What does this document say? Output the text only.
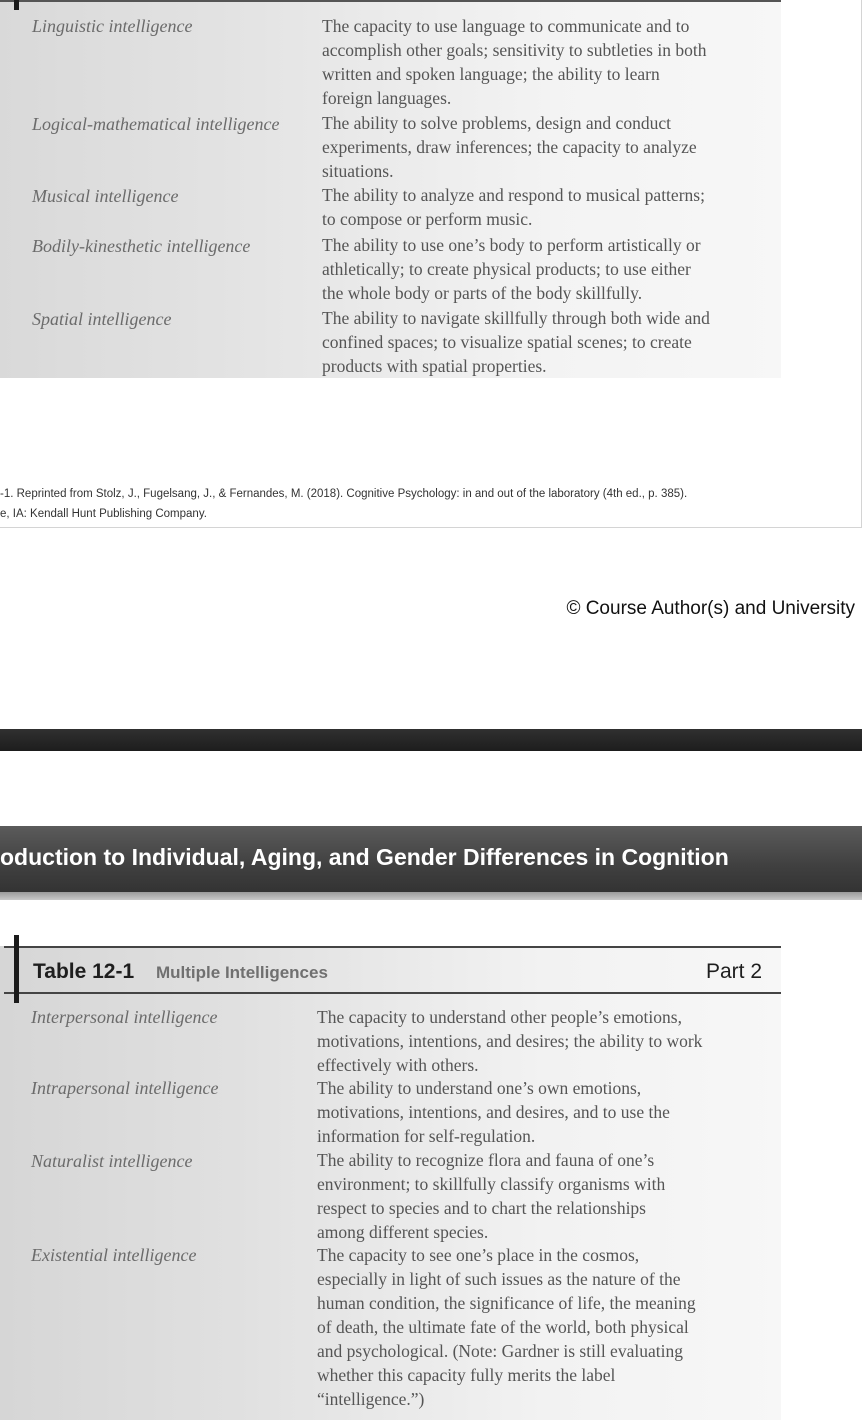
Linguistic intelligence	The capacity to use language to communicate and to
accomplish other goals; sensitivity to subtleties in both
written and spoken language; the ability to learn
foreign languages.
Logical-mathematical intelligence The ability to solve problems, design and conduct
experiments, draw inferences; the capacity to analyze
situations.
Musical intelligence	The ability to analyze and respond to musical patterns;
to compose or perform music.
Bodily-kinesthetic intelligence	The ability to use one’s body to perform artistically or
athletically; to create physical products; to use either
the whole body or parts of the body skillfully.
Spatial intelligence	The ability to navigate skillfully through both wide and
confined spaces; to visualize spatial scenes; to create
products with spatial properties.
-1. Reprinted from Stolz, J., Fugelsang, J., & Fernandes, M. (2018). Cognitive Psychology: in and out of the laboratory (4th ed., p. 385).
e, IA: Kendall Hunt Publishing Company.
© Course Author(s) and University
oduction to Individual, Aging, and Gender Differences in Cognition
Table 12-1 Multiple Intelligences	Part 2
Interpersonal intelligence	The capacity to understand other people’s emotions,
motivations, intentions, and desires; the ability to work
effectively with others.
Intrapersonal intelligence	The ability to understand one’s own emotions,
motivations, intentions, and desires, and to use the
information for self-regulation.
Naturalist intelligence	The ability to recognize flora and fauna of one’s
environment; to skillfully classify organisms with
respect to species and to chart the relationships
among different species.
Existential intelligence	The capacity to see one’s place in the cosmos,
especially in light of such issues as the nature of the
human condition, the significance of life, the meaning
of death, the ultimate fate of the world, both physical
and psychological. (Note: Gardner is still evaluating
whether this capacity fully merits the label
“intelligence.”)
